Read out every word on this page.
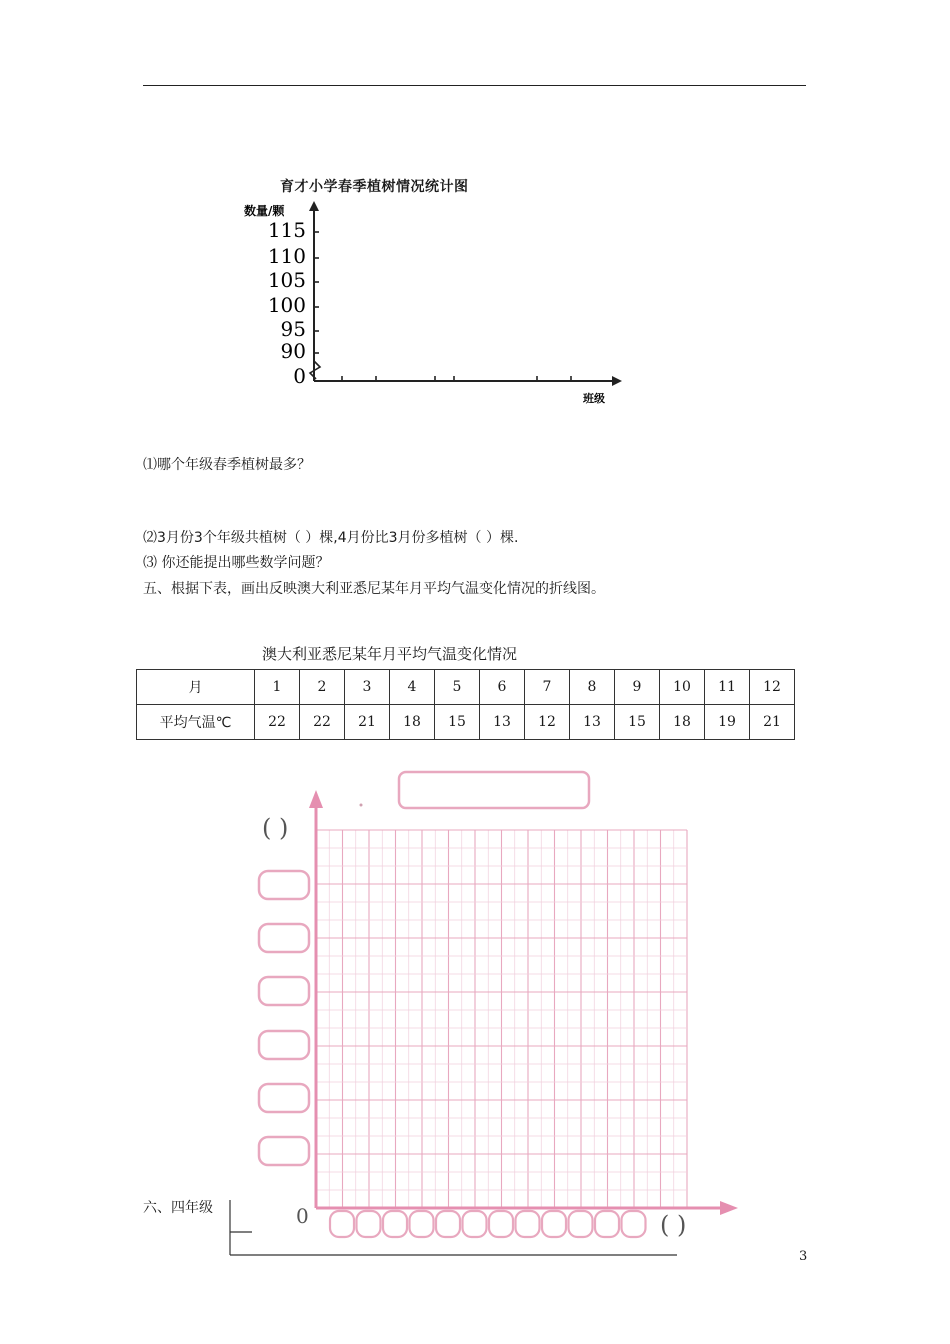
育才小学春季植树情况统计图
0
90
95
100
105
110
115
数量/颗
班级
⑴哪个年级春季植树最多？
⑵3月份3个年级共植树（ ）棵,4月份比3月份多植树（ ）棵.
⑶ 你还能提出哪些数学问题？
五、根据下表，画出反映澳大利亚悉尼某年月平均气温变化情况的折线图。
澳大利亚悉尼某年月平均气温变化情况
月	1	2	3	4	5	6	7	8	9	10	11	12
平均气温℃	22	22	21	18	15	13	12	13	15	18	19	21
六、四年级
( )
( )
0
3
